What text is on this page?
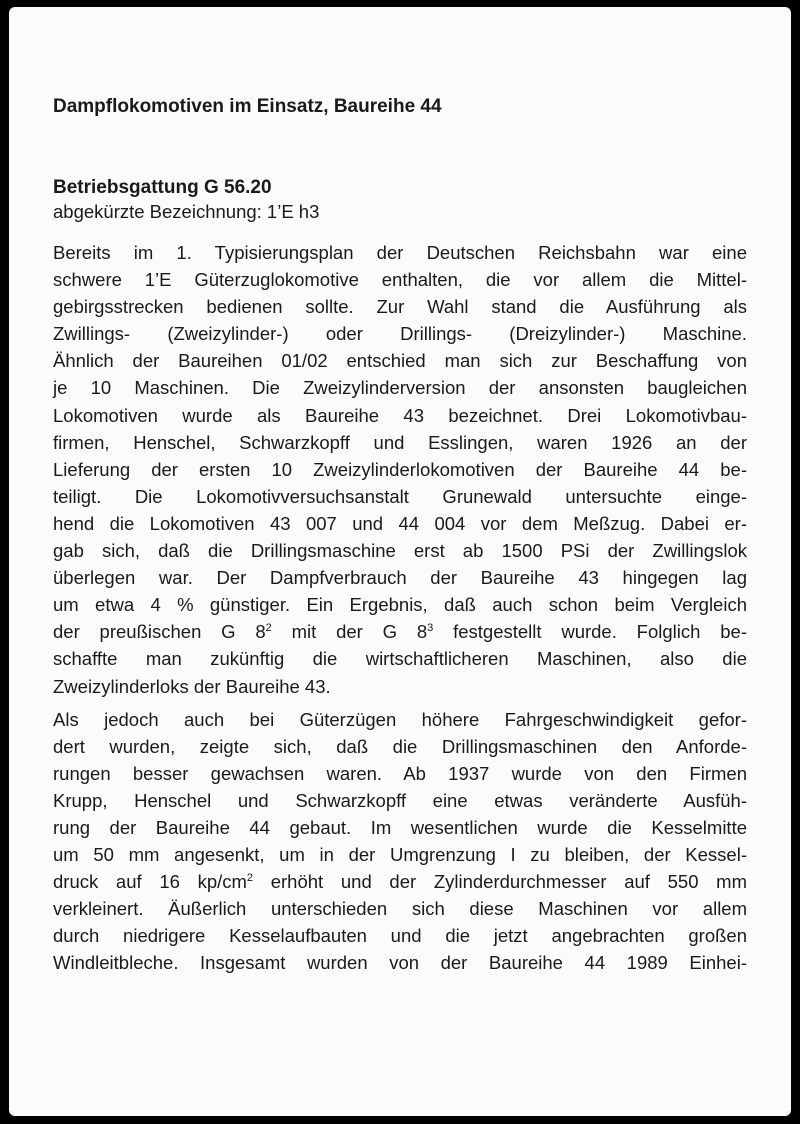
Dampflokomotiven im Einsatz, Baureihe 44
Betriebsgattung G 56.20
abgekürzte Bezeichnung: 1’E h3

Bereits im 1. Typisierungsplan der Deutschen Reichsbahn war eine
schwere 1’E Güterzuglokomotive enthalten, die vor allem die Mittel-
gebirgsstrecken bedienen sollte. Zur Wahl stand die Ausführung als
Zwillings- (Zweizylinder-) oder Drillings- (Dreizylinder-) Maschine.
Ähnlich der Baureihen 01/02 entschied man sich zur Beschaffung von
je 10 Maschinen. Die Zweizylinderversion der ansonsten baugleichen
Lokomotiven wurde als Baureihe 43 bezeichnet. Drei Lokomotivbau-
firmen, Henschel, Schwarzkopff und Esslingen, waren 1926 an der
Lieferung der ersten 10 Zweizylinderlokomotiven der Baureihe 44 be-
teiligt. Die Lokomotivversuchsanstalt Grunewald untersuchte einge-
hend die Lokomotiven 43 007 und 44 004 vor dem Meßzug. Dabei er-
gab sich, daß die Drillingsmaschine erst ab 1500 PSi der Zwillingslok
überlegen war. Der Dampfverbrauch der Baureihe 43 hingegen lag
um etwa 4 % günstiger. Ein Ergebnis, daß auch schon beim Vergleich
der preußischen G $8^2$ mit der G $8^3$ festgestellt wurde. Folglich be-
schaffte man zukünftig die wirtschaftlicheren Maschinen, also die
Zweizylinderloks der Baureihe 43.

Als jedoch auch bei Güterzügen höhere Fahrgeschwindigkeit gefor-
dert wurden, zeigte sich, daß die Drillingsmaschinen den Anforde-
rungen besser gewachsen waren. Ab 1937 wurde von den Firmen
Krupp, Henschel und Schwarzkopff eine etwas veränderte Ausfüh-
rung der Baureihe 44 gebaut. Im wesentlichen wurde die Kesselmitte
um 50 mm angesenkt, um in der Umgrenzung I zu bleiben, der Kessel-
druck auf 16 $kp/cm^2$ erhöht und der Zylinderdurchmesser auf 550 mm
verkleinert. Äußerlich unterschieden sich diese Maschinen vor allem
durch niedrigere Kesselaufbauten und die jetzt angebrachten großen
Windleitbleche. Insgesamt wurden von der Baureihe 44 1989 Einhei-
